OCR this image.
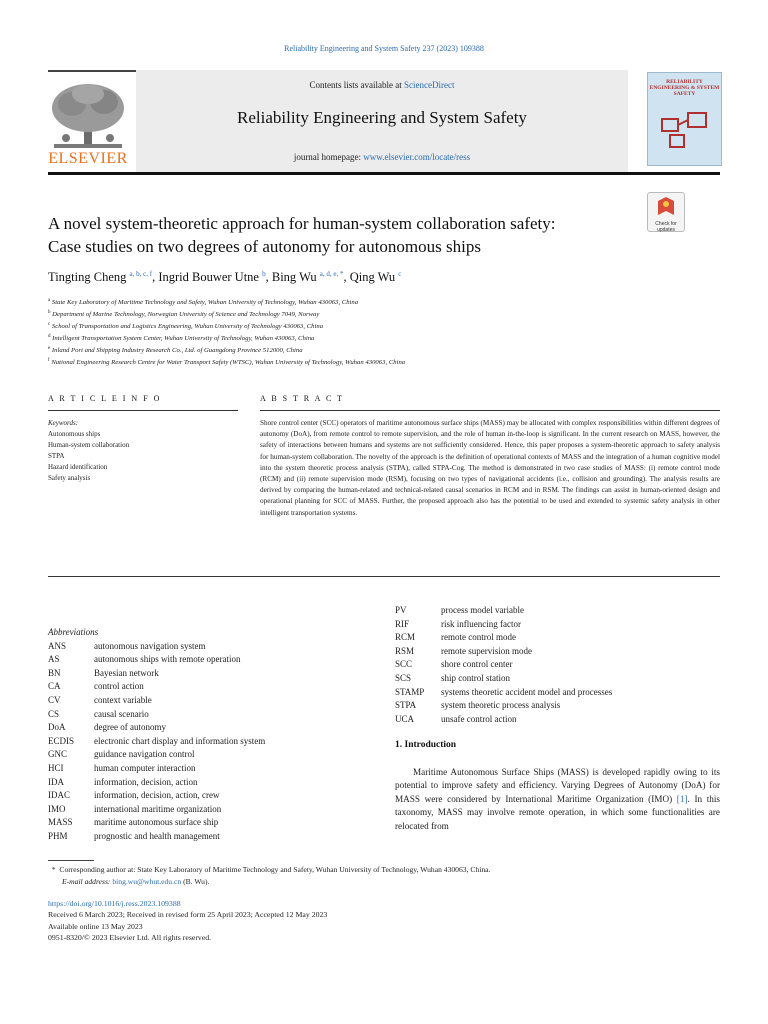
Reliability Engineering and System Safety 237 (2023) 109388
ELSEVIER
Contents lists available at ScienceDirect
Reliability Engineering and System Safety
journal homepage: www.elsevier.com/locate/ress
RELIABILITY ENGINEERING & SYSTEM SAFETY
Check for updates
A novel system-theoretic approach for human-system collaboration safety:
Case studies on two degrees of autonomy for autonomous ships
Tingting Cheng $^{a, b, c, f}$, Ingrid Bouwer Utne $^b$, Bing Wu $^{a, d, e, *}$, Qing Wu $^c$
$^a$ State Key Laboratory of Maritime Technology and Safety, Wuhan University of Technology, Wuhan 430063, China
$^b$ Department of Marine Technology, Norwegian University of Science and Technology 7049, Norway
$^c$ School of Transportation and Logistics Engineering, Wuhan University of Technology 430063, China
$^d$ Intelligent Transportation System Center, Wuhan University of Technology, Wuhan 430063, China
$^e$ Inland Port and Shipping Industry Research Co., Ltd. of Guangdong Province 512000, China
$^f$ National Engineering Research Centre for Water Transport Safety (WTSC), Wuhan University of Technology, Wuhan 430063, China
A R T I C L E I N F O	A B S T R A C T
Keywords:
Autonomous ships
Human-system collaboration
STPA
Hazard identification
Safety analysis
Shore control center (SCC) operators of maritime autonomous surface ships (MASS) may be allocated with complex responsibilities within different degrees of autonomy (DoA), from remote control to remote supervision, and the role of human in-the-loop is significant. In the current research on MASS, however, the safety of interactions between humans and systems are not sufficiently considered. Hence, this paper proposes a system-theoretic approach to safety analysis for human-system collaboration. The novelty of the approach is the definition of operational contexts of MASS and the integration of a human cognitive model into the system theoretic process analysis (STPA), called STPA-Cog. The method is demonstrated in two case studies of MASS: (i) remote control mode (RCM) and (ii) remote supervision mode (RSM), focusing on two types of navigational accidents (i.e., collision and grounding). The analysis results are derived by comparing the human-related and technical-related causal scenarios in RCM and in RSM. The findings can assist in human-oriented design and operational planning for SCC of MASS. Further, the proposed approach also has the potential to be used and extended to systemic safety analysis in other intelligent transportation systems.
Abbreviations
ANS	autonomous navigation system
AS	autonomous ships with remote operation
BN	Bayesian network
CA	control action
CV	context variable
CS	causal scenario
DoA	degree of autonomy
ECDIS	electronic chart display and information system
GNC	guidance navigation control
HCI	human computer interaction
IDA	information, decision, action
IDAC	information, decision, action, crew
IMO	international maritime organization
MASS	maritime autonomous surface ship
PHM	prognostic and health management
PV	process model variable
RIF	risk influencing factor
RCM	remote control mode
RSM	remote supervision mode
SCC	shore control center
SCS	ship control station
STAMP	systems theoretic accident model and processes
STPA	system theoretic process analysis
UCA	unsafe control action
1. Introduction
Maritime Autonomous Surface Ships (MASS) is developed rapidly owing to its potential to improve safety and efficiency. Varying Degrees of Autonomy (DoA) for MASS were considered by International Maritime Organization (IMO) [1]. In this taxonomy, MASS may involve remote operation, in which some functionalities are relocated from
* Corresponding author at: State Key Laboratory of Maritime Technology and Safety, Wuhan University of Technology, Wuhan 430063, China.
E-mail address: bing.wu@whut.edu.cn (B. Wu).
https://doi.org/10.1016/j.ress.2023.109388
Received 6 March 2023; Received in revised form 25 April 2023; Accepted 12 May 2023
Available online 13 May 2023
0951-8320/© 2023 Elsevier Ltd. All rights reserved.
